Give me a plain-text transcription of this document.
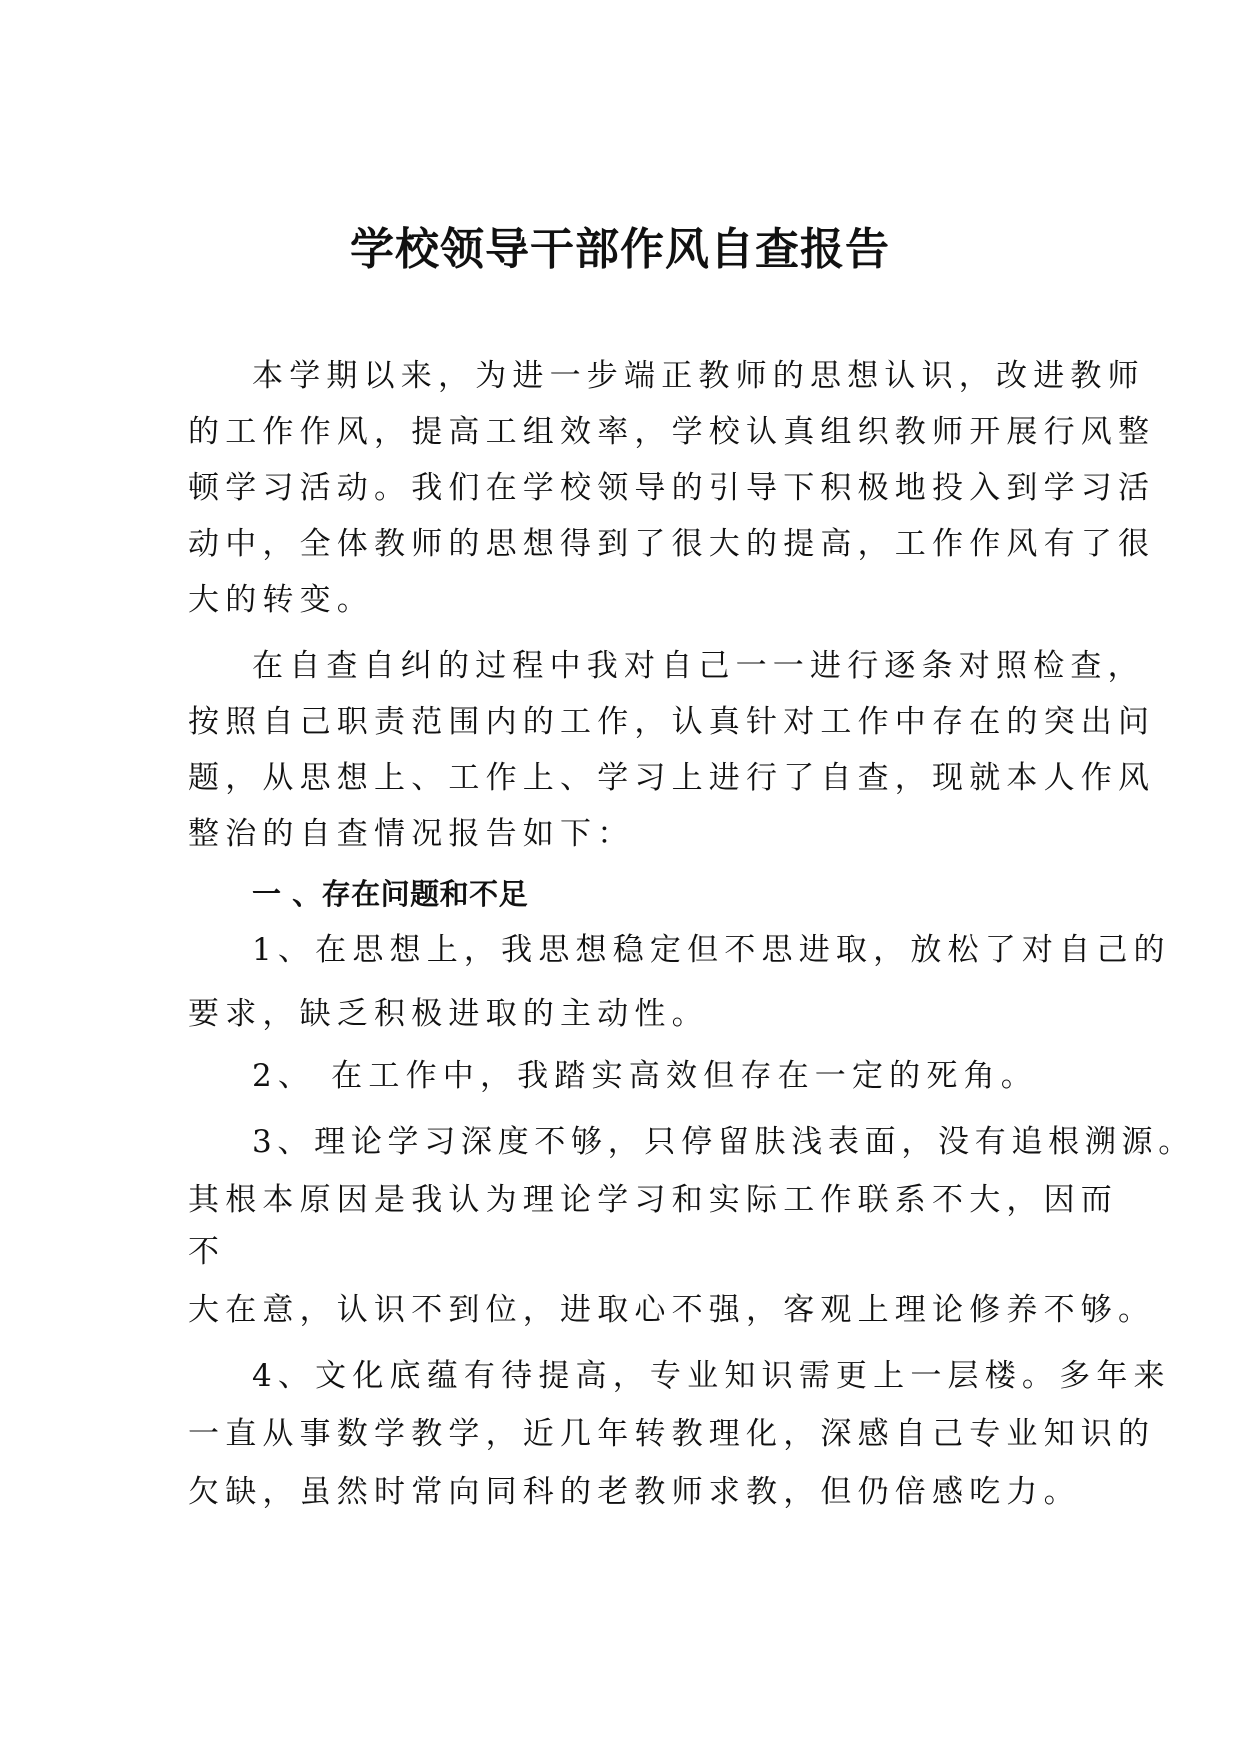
学校领导干部作风自查报告

本学期以来，为进一步端正教师的思想认识，改进教师

的工作作风，提高工组效率，学校认真组织教师开展行风整

顿学习活动。我们在学校领导的引导下积极地投入到学习活

动中，全体教师的思想得到了很大的提高，工作作风有了很

大的转变。

在自查自纠的过程中我对自己一一进行逐条对照检查，

按照自己职责范围内的工作，认真针对工作中存在的突出问

题，从思想上、工作上、学习上进行了自查，现就本人作风

整治的自查情况报告如下：

一 、存在问题和不足

1、在思想上，我思想稳定但不思进取，放松了对自己的

要求，缺乏积极进取的主动性。

2、 在工作中，我踏实高效但存在一定的死角。

3、理论学习深度不够，只停留肤浅表面，没有追根溯源。

其根本原因是我认为理论学习和实际工作联系不大，因而

不

大在意，认识不到位，进取心不强，客观上理论修养不够。

4、文化底蕴有待提高，专业知识需更上一层楼。多年来

一直从事数学教学，近几年转教理化，深感自己专业知识的

欠缺，虽然时常向同科的老教师求教，但仍倍感吃力。
